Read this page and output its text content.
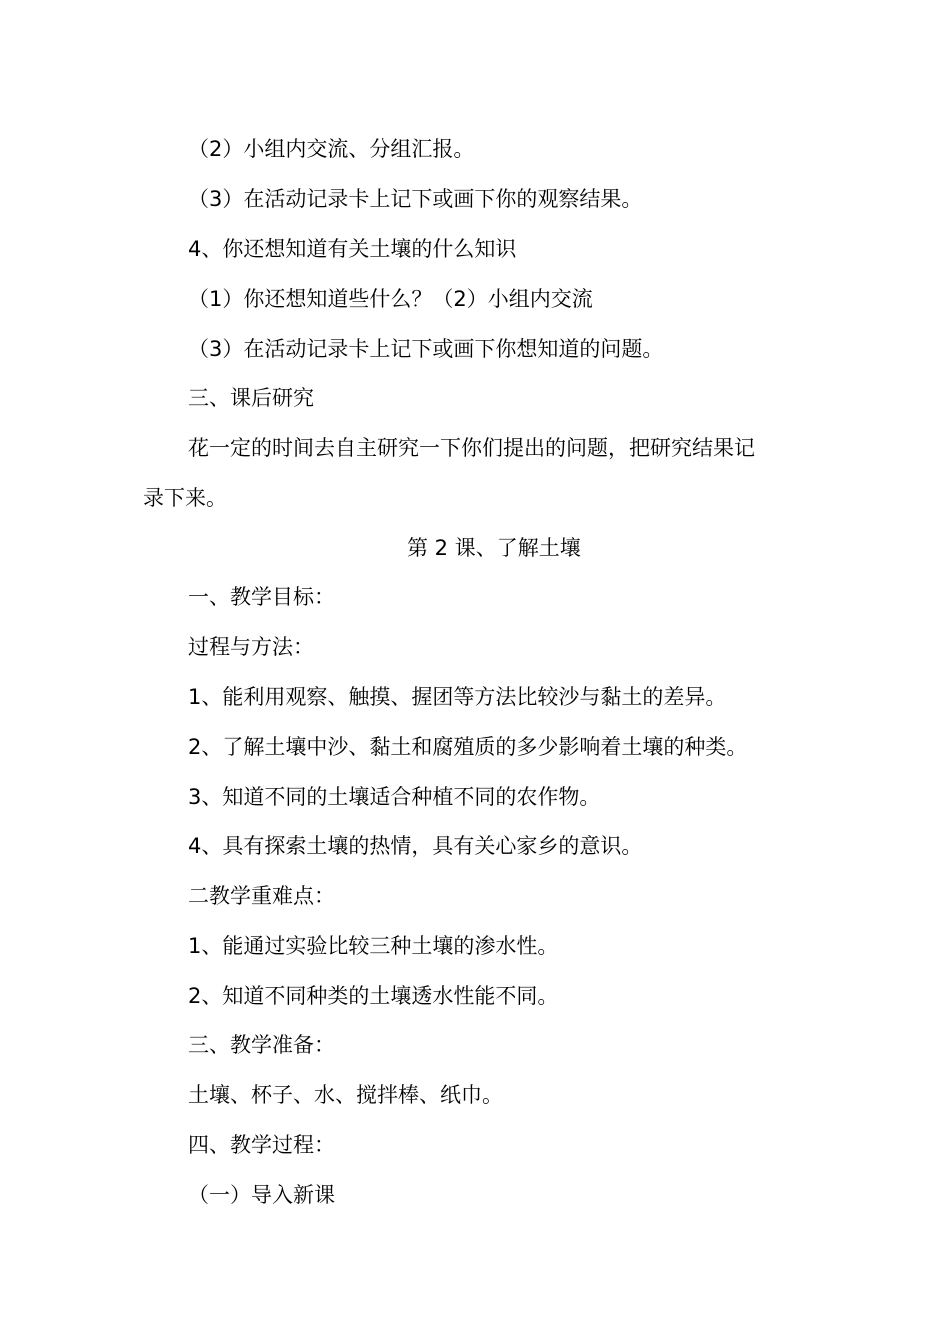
（2）小组内交流、分组汇报。
（3）在活动记录卡上记下或画下你的观察结果。
4、你还想知道有关土壤的什么知识
（1）你还想知道些什么？（2）小组内交流
（3）在活动记录卡上记下或画下你想知道的问题。
三、课后研究
花一定的时间去自主研究一下你们提出的问题，把研究结果记
录下来。
第 2 课、了解土壤
一、教学目标：
过程与方法：
1、能利用观察、触摸、握团等方法比较沙与黏土的差异。
2、了解土壤中沙、黏土和腐殖质的多少影响着土壤的种类。
3、知道不同的土壤适合种植不同的农作物。
4、具有探索土壤的热情，具有关心家乡的意识。
二教学重难点：
1、能通过实验比较三种土壤的渗水性。
2、知道不同种类的土壤透水性能不同。
三、教学准备：
土壤、杯子、水、搅拌棒、纸巾。
四、教学过程：
（一）导入新课
